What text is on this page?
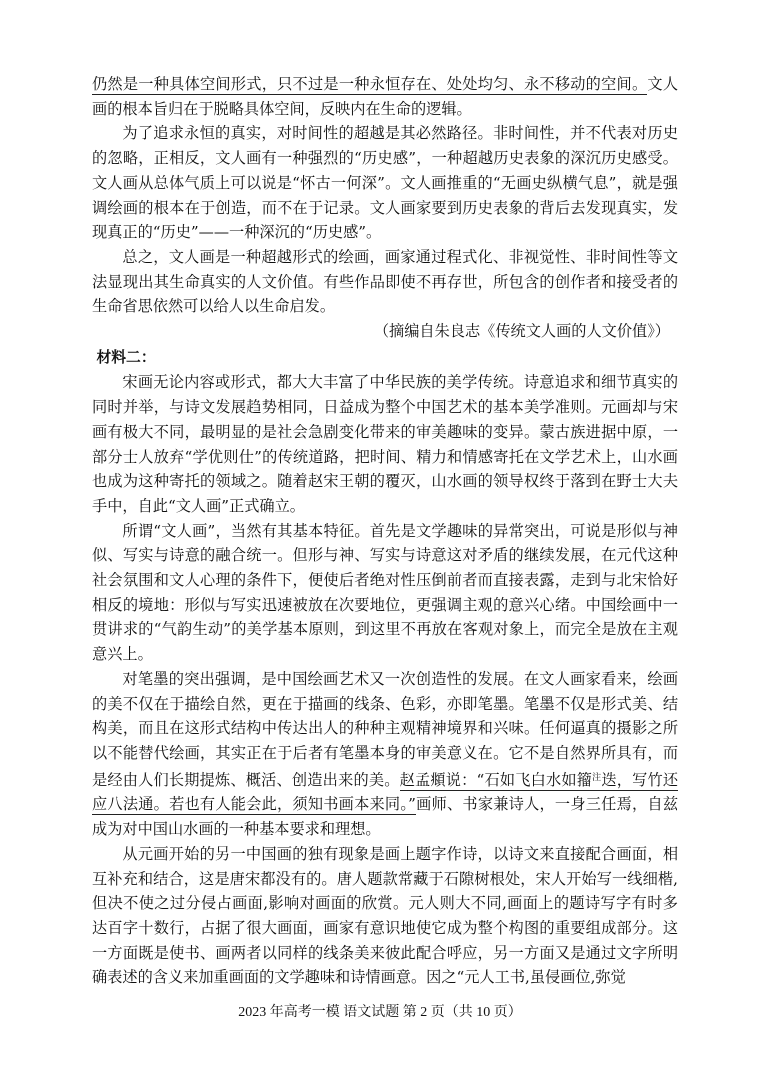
仍然是一种具体空间形式，只不过是一种永恒存在、处处均匀、永不移动的空间。文人画的根本旨归在于脱略具体空间，反映内在生命的逻辑。

为了追求永恒的真实，对时间性的超越是其必然路径。非时间性，并不代表对历史的忽略，正相反，文人画有一种强烈的“历史感”，一种超越历史表象的深沉历史感受。文人画从总体气质上可以说是“怀古一何深”。文人画推重的“无画史纵横气息”，就是强调绘画的根本在于创造，而不在于记录。文人画家要到历史表象的背后去发现真实，发现真正的“历史”——一种深沉的“历史感”。

总之，文人画是一种超越形式的绘画，画家通过程式化、非视觉性、非时间性等文法显现出其生命真实的人文价值。有些作品即使不再存世，所包含的创作者和接受者的生命省思依然可以给人以生命启发。

（摘编自朱良志《传统文人画的人文价值》）

材料二：

宋画无论内容或形式，都大大丰富了中华民族的美学传统。诗意追求和细节真实的同时并举，与诗文发展趋势相同，日益成为整个中国艺术的基本美学准则。元画却与宋画有极大不同，最明显的是社会急剧变化带来的审美趣味的变异。蒙古族进据中原，一部分士人放弃“学优则仕”的传统道路，把时间、精力和情感寄托在文学艺术上，山水画也成为这种寄托的领域之。随着赵宋王朝的覆灭，山水画的领导权终于落到在野士大夫手中，自此“文人画”正式确立。

所谓“文人画”，当然有其基本特征。首先是文学趣味的异常突出，可说是形似与神似、写实与诗意的融合统一。但形与神、写实与诗意这对矛盾的继续发展，在元代这种社会氛围和文人心理的条件下，便使后者绝对性压倒前者而直接表露，走到与北宋恰好相反的境地：形似与写实迅速被放在次要地位，更强调主观的意兴心绪。中国绘画中一贯讲求的“气韵生动”的美学基本原则，到这里不再放在客观对象上，而完全是放在主观意兴上。

对笔墨的突出强调，是中国绘画艺术又一次创造性的发展。在文人画家看来，绘画的美不仅在于描绘自然，更在于描画的线条、色彩，亦即笔墨。笔墨不仅是形式美、结构美，而且在这形式结构中传达出人的种种主观精神境界和兴味。任何逼真的摄影之所以不能替代绘画，其实正在于后者有笔墨本身的审美意义在。它不是自然界所具有，而是经由人们长期提炼、概活、创造出来的美。赵孟頫说：“石如飞白水如籀$^注$迭，写竹还应八法通。若也有人能会此，须知书画本来同。”画师、书家兼诗人，一身三任焉，自兹成为对中国山水画的一种基本要求和理想。

从元画开始的另一中国画的独有现象是画上题字作诗，以诗文来直接配合画面，相互补充和结合，这是唐宋都没有的。唐人题款常藏于石隙树根处，宋人开始写一线细楷,但决不使之过分侵占画面,影响对画面的欣赏。元人则大不同,画面上的题诗写字有时多达百字十数行，占据了很大画面，画家有意识地使它成为整个构图的重要组成部分。这一方面既是使书、画两者以同样的线条美来彼此配合呼应，另一方面又是通过文字所明确表述的含义来加重画面的文学趣味和诗情画意。因之“元人工书,虽侵画位,弥觉

2023 年高考一模 语文试题 第 2 页（共 10 页）
